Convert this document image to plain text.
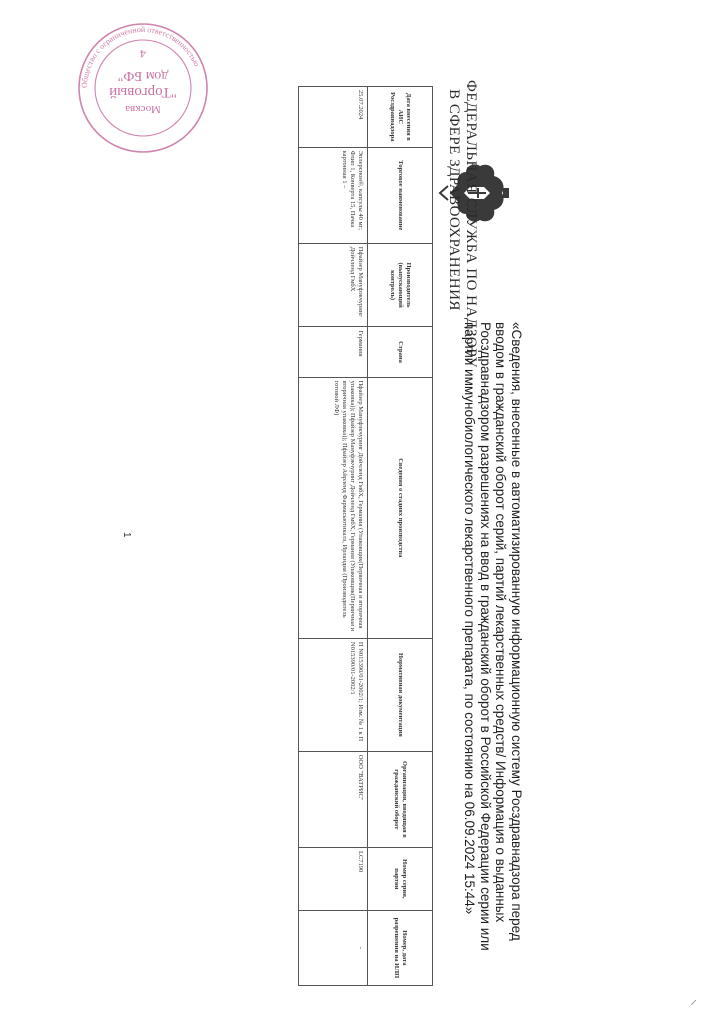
Общество с ограниченной ответственностью
Москва
"Торговый
дом БФ"
4
ФЕДЕРАЛЬНАЯ СЛУЖБА ПО НАДЗОРУ
В СФЕРЕ ЗДРАВООХРАНЕНИЯ
«Сведения, внесенные в автоматизированную информационную систему Росздравнадзора перед вводом в гражданский оборот серий, партий лекарственных средств/ Информация о выданных Росздравнадзором разрешениях на ввод в гражданский оборот в Российской Федерации серии или партии иммунобиологического лекарственного препарата, по состоянию на 06.09.2024 15:44»
Дата внесения в АИС Росздравнадзора	Торговое наименование	Производитель (выпускающий контроль)	Страна	Сведения о стадиях производства	Нормативная документация	Организация, вводящая в гражданский оборот	Номер серии, партии	Номер, дата разрешения на ИЛП
25.07.2024	Эплерснон®, капсулы 40 мг; Флип 1, Конверта 15, Пачка картонная 1 –	Пфайзер Мануфэкчуринг Дойчленд ГмбХ	Германия	Пфайзер Мануфэкчуринг Дойчленд ГмбХ, Германия (Упаковщик(Первичная и вторичная упаковка)); Пфайзер Мануфэкчуринг Дойчленд ГмбХ, Германия (Упаковщик(Первичная и вторичная упаковка)); Пфайзер Айрленд Фармасьютикалз, Ирландия (Производитель готовой ЛФ)	П N015390/01-2002/1; Изм. № 1 к П N015390/01-2002/1	ООО "ВАТРИС"	LC7190	-
1
⸝
